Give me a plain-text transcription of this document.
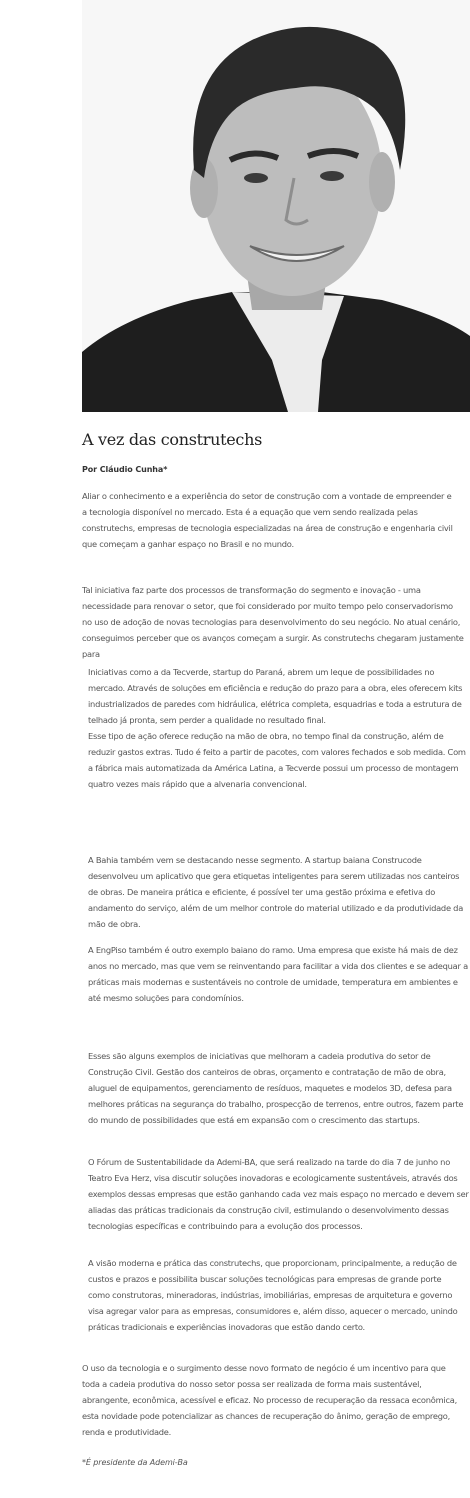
A vez das construtechs
Por Cláudio Cunha*

Aliar o conhecimento e a experiência do setor de construção com a vontade de empreender e a tecnologia disponível no mercado. Esta é a equação que vem sendo realizada pelas construtechs, empresas de tecnologia especializadas na área de construção e engenharia civil que começam a ganhar espaço no Brasil e no mundo.

Tal iniciativa faz parte dos processos de transformação do segmento e inovação - uma necessidade para renovar o setor, que foi considerado por muito tempo pelo conservadorismo no uso de adoção de novas tecnologias para desenvolvimento do seu negócio. No atual cenário, conseguimos perceber que os avanços começam a surgir. As construtechs chegaram justamente para

Iniciativas como a da Tecverde, startup do Paraná, abrem um leque de possibilidades no mercado. Através de soluções em eficiência e redução do prazo para a obra, eles oferecem kits industrializados de paredes com hidráulica, elétrica completa, esquadrias e toda a estrutura de telhado já pronta, sem perder a qualidade no resultado final.

Esse tipo de ação oferece redução na mão de obra, no tempo final da construção, além de reduzir gastos extras. Tudo é feito a partir de pacotes, com valores fechados e sob medida. Com a fábrica mais automatizada da América Latina, a Tecverde possui um processo de montagem quatro vezes mais rápido que a alvenaria convencional.

A Bahia também vem se destacando nesse segmento. A startup baiana Construcode desenvolveu um aplicativo que gera etiquetas inteligentes para serem utilizadas nos canteiros de obras. De maneira prática e eficiente, é possível ter uma gestão próxima e efetiva do andamento do serviço, além de um melhor controle do material utilizado e da produtividade da mão de obra.

A EngPiso também é outro exemplo baiano do ramo. Uma empresa que existe há mais de dez anos no mercado, mas que vem se reinventando para facilitar a vida dos clientes e se adequar a práticas mais modernas e sustentáveis no controle de umidade, temperatura em ambientes e até mesmo soluções para condomínios.

Esses são alguns exemplos de iniciativas que melhoram a cadeia produtiva do setor de Construção Civil. Gestão dos canteiros de obras, orçamento e contratação de mão de obra, aluguel de equipamentos, gerenciamento de resíduos, maquetes e modelos 3D, defesa para melhores práticas na segurança do trabalho, prospecção de terrenos, entre outros, fazem parte do mundo de possibilidades que está em expansão com o crescimento das startups.

O Fórum de Sustentabilidade da Ademi-BA, que será realizado na tarde do dia 7 de junho no Teatro Eva Herz, visa discutir soluções inovadoras e ecologicamente sustentáveis, através dos exemplos dessas empresas que estão ganhando cada vez mais espaço no mercado e devem ser aliadas das práticas tradicionais da construção civil, estimulando o desenvolvimento dessas tecnologias específicas e contribuindo para a evolução dos processos.

A visão moderna e prática das construtechs, que proporcionam, principalmente, a redução de custos e prazos e possibilita buscar soluções tecnológicas para empresas de grande porte como construtoras, mineradoras, indústrias, imobiliárias, empresas de arquitetura e governo visa agregar valor para as empresas, consumidores e, além disso, aquecer o mercado, unindo práticas tradicionais e experiências inovadoras que estão dando certo.

O uso da tecnologia e o surgimento desse novo formato de negócio é um incentivo para que toda a cadeia produtiva do nosso setor possa ser realizada de forma mais sustentável, abrangente, econômica, acessível e eficaz. No processo de recuperação da ressaca econômica, esta novidade pode potencializar as chances de recuperação do ânimo, geração de emprego, renda e produtividade.

*É presidente da Ademi-Ba
